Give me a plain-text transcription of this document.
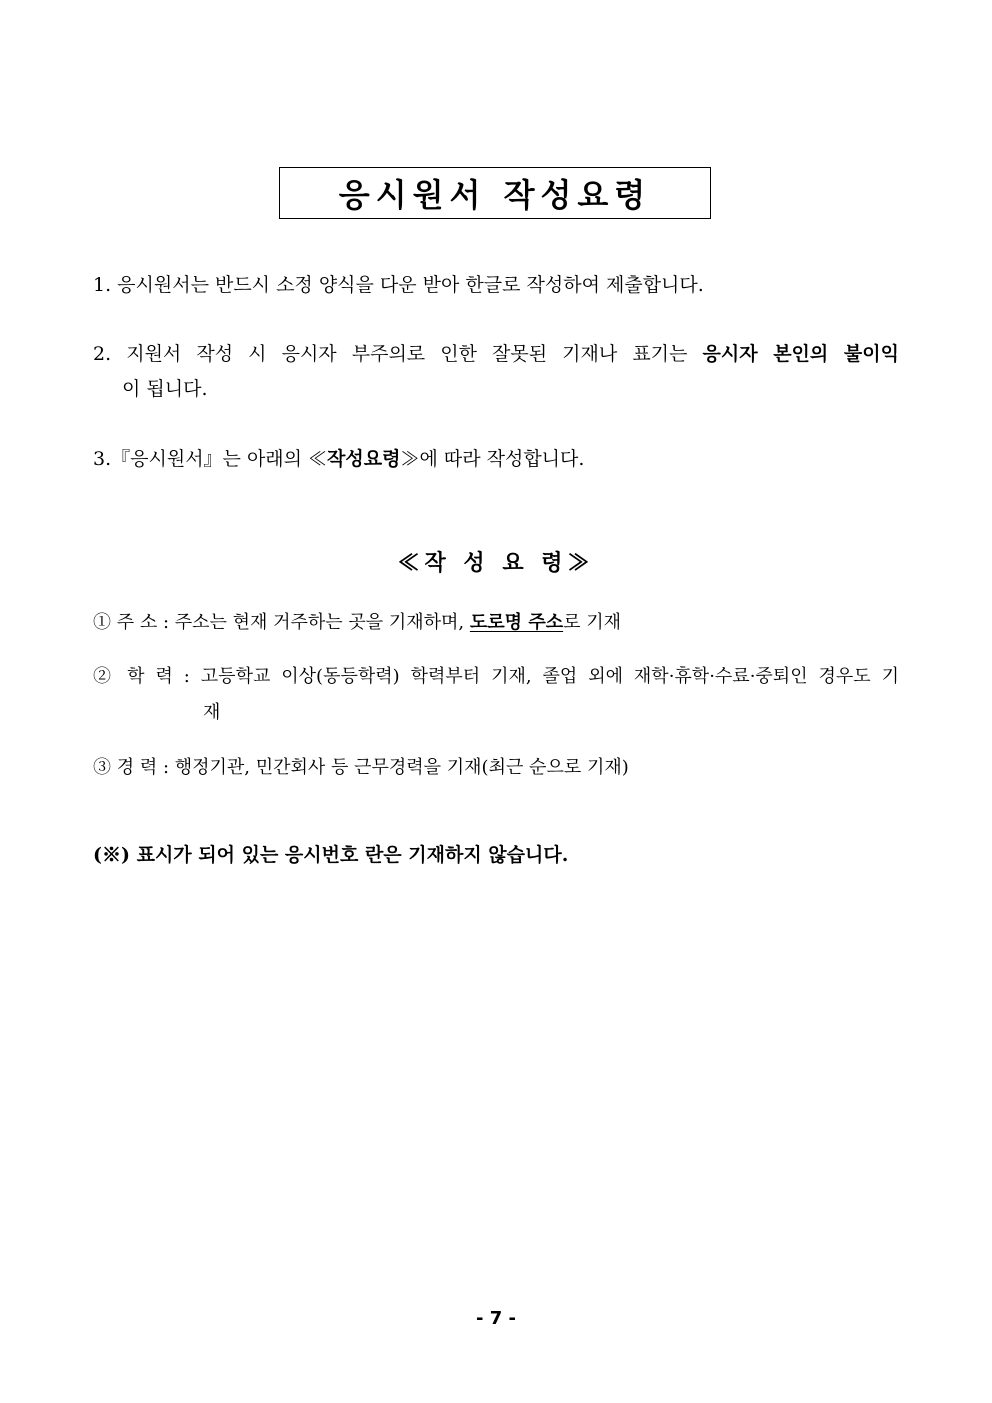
응시원서 작성요령
1. 응시원서는 반드시 소정 양식을 다운 받아 한글로 작성하여 제출합니다.
2. 지원서 작성 시 응시자 부주의로 인한 잘못된 기재나 표기는 응시자 본인의 불이익
이 됩니다.
3.『응시원서』는 아래의 ≪작성요령≫에 따라 작성합니다.
≪작 성 요 령≫
① 주 소 : 주소는 현재 거주하는 곳을 기재하며, 도로명 주소로 기재
② 학 력 : 고등학교 이상(동등학력) 학력부터 기재, 졸업 외에 재학·휴학·수료·중퇴인 경우도 기
재
③ 경 력 : 행정기관, 민간회사 등 근무경력을 기재(최근 순으로 기재)
(※) 표시가 되어 있는 응시번호 란은 기재하지 않습니다.
- 7 -
